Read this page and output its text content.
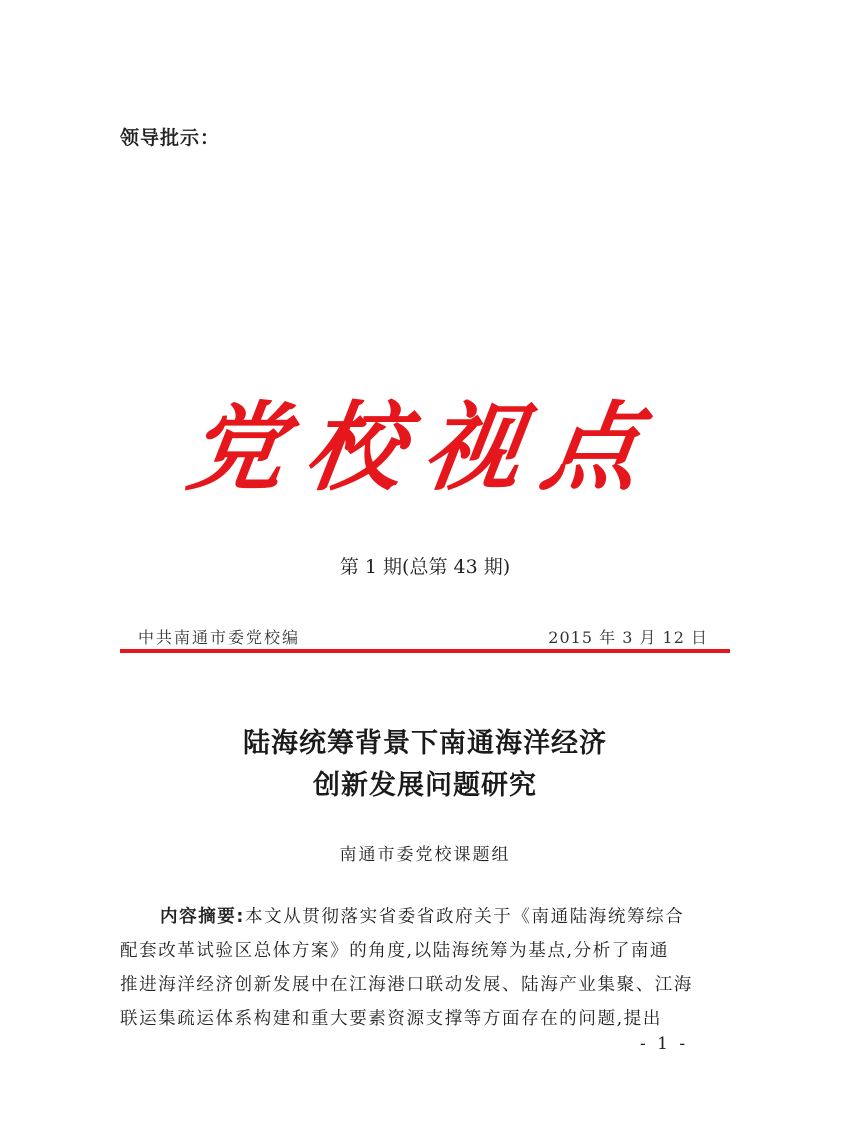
领导批示：
党校视点
第 1 期(总第 43 期)
中共南通市委党校编	2015 年 3 月 12 日
陆海统筹背景下南通海洋经济
创新发展问题研究
南通市委党校课题组
内容摘要:本文从贯彻落实省委省政府关于《南通陆海统筹综合
配套改革试验区总体方案》的角度,以陆海统筹为基点,分析了南通
推进海洋经济创新发展中在江海港口联动发展、陆海产业集聚、江海
联运集疏运体系构建和重大要素资源支撑等方面存在的问题,提出
- 1 -
